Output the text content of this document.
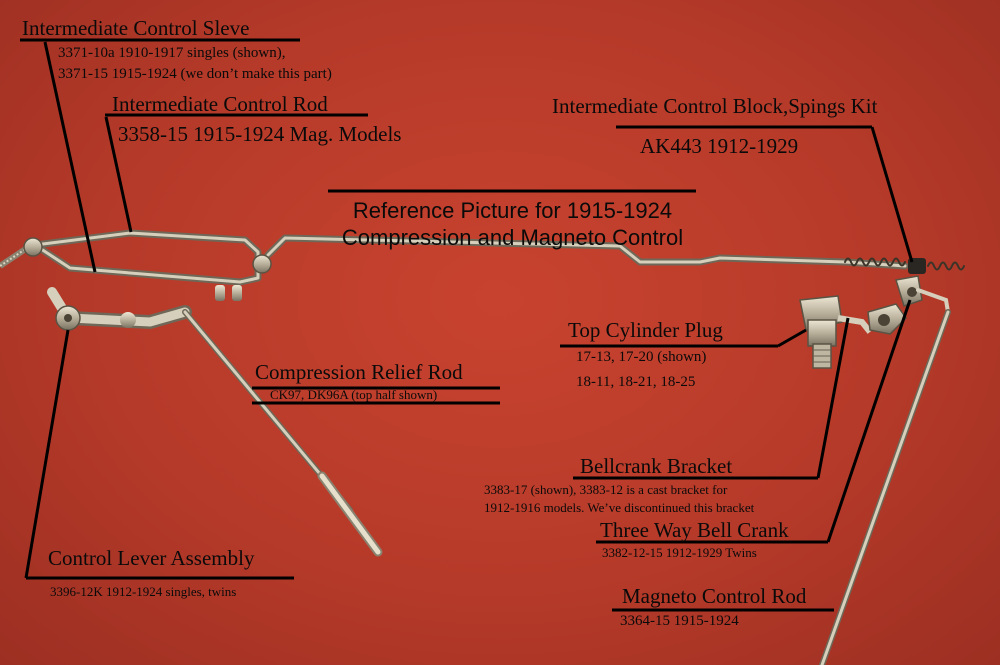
Intermediate Control Sleve
3371-10a 1910-1917 singles (shown),
3371-15 1915-1924 (we don’t make this part)
Intermediate Control Rod
3358-15 1915-1924 Mag. Models
Intermediate Control Block,Spings Kit
AK443 1912-1929
Reference Picture for 1915-1924
Compression and Magneto Control
Top Cylinder Plug
17-13, 17-20 (shown)
18-11, 18-21, 18-25
Compression Relief Rod
CK97, DK96A (top half shown)
Bellcrank Bracket
3383-17 (shown), 3383-12 is a cast bracket for
1912-1916 models. We’ve discontinued this bracket
Three Way Bell Crank
3382-12-15 1912-1929 Twins
Control Lever Assembly
3396-12K 1912-1924 singles, twins	Magneto Control Rod
3364-15 1915-1924
